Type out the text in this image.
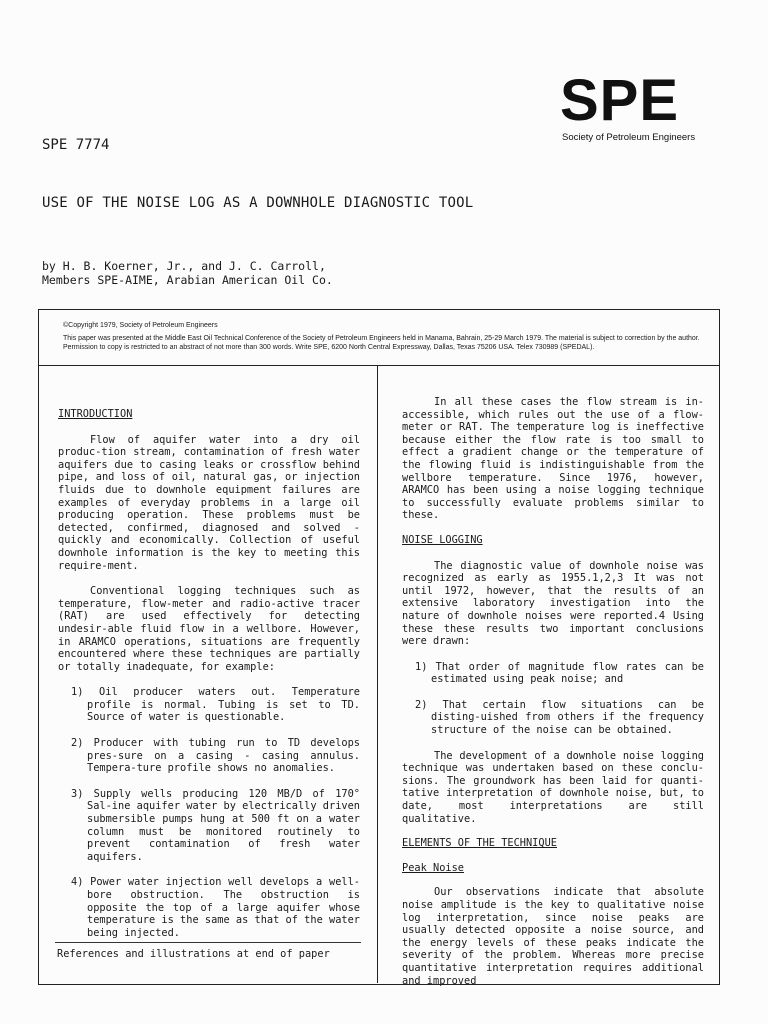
SPE
Society of Petroleum Engineers
SPE 7774
USE OF THE NOISE LOG AS A DOWNHOLE DIAGNOSTIC TOOL
by H. B. Koerner, Jr., and J. C. Carroll,
Members SPE-AIME, Arabian American Oil Co.

©Copyright 1979, Society of Petroleum Engineers

This paper was presented at the Middle East Oil Technical Conference of the Society of Petroleum Engineers held in Manama, Bahrain, 25-29 March 1979. The material is subject to correction by the author. Permission to copy is restricted to an abstract of not more than 300 words. Write SPE, 6200 North Central Expressway, Dallas, Texas 75206 USA. Telex 730989 (SPEDAL).

INTRODUCTION

Flow of aquifer water into a dry oil produc-tion stream, contamination of fresh water aquifers due to casing leaks or crossflow behind pipe, and loss of oil, natural gas, or injection fluids due to downhole equipment failures are examples of everyday problems in a large oil producing operation. These problems must be detected, confirmed, diagnosed and solved - quickly and economically. Collection of useful downhole information is the key to meeting this require-ment.

Conventional logging techniques such as temperature, flow-meter and radio-active tracer (RAT) are used effectively for detecting undesir-able fluid flow in a wellbore. However, in ARAMCO operations, situations are frequently encountered where these techniques are partially or totally inadequate, for example:

1) Oil producer waters out. Temperature profile is normal. Tubing is set to TD. Source of water is questionable.

2) Producer with tubing run to TD develops pres-sure on a casing - casing annulus. Tempera-ture profile shows no anomalies.

3) Supply wells producing 120 MB/D of 170° Sal-ine aquifer water by electrically driven submersible pumps hung at 500 ft on a water column must be monitored routinely to prevent contamination of fresh water aquifers.

4) Power water injection well develops a well-bore obstruction. The obstruction is opposite the top of a large aquifer whose temperature is the same as that of the water being injected.

References and illustrations at end of paper

In all these cases the flow stream is in-accessible, which rules out the use of a flow-meter or RAT. The temperature log is ineffective because either the flow rate is too small to effect a gradient change or the temperature of the flowing fluid is indistinguishable from the wellbore temperature. Since 1976, however, ARAMCO has been using a noise logging technique to successfully evaluate problems similar to these.

NOISE LOGGING

The diagnostic value of downhole noise was recognized as early as 1955.1,2,3 It was not until 1972, however, that the results of an extensive laboratory investigation into the nature of downhole noises were reported.4 Using these these results two important conclusions were drawn:

1) That order of magnitude flow rates can be estimated using peak noise; and

2) That certain flow situations can be disting-uished from others if the frequency structure of the noise can be obtained.

The development of a downhole noise logging technique was undertaken based on these conclu-sions. The groundwork has been laid for quanti-tative interpretation of downhole noise, but, to date, most interpretations are still qualitative.

ELEMENTS OF THE TECHNIQUE

Peak Noise

Our observations indicate that absolute noise amplitude is the key to qualitative noise log interpretation, since noise peaks are usually detected opposite a noise source, and the energy levels of these peaks indicate the severity of the problem. Whereas more precise quantitative interpretation requires additional and improved
